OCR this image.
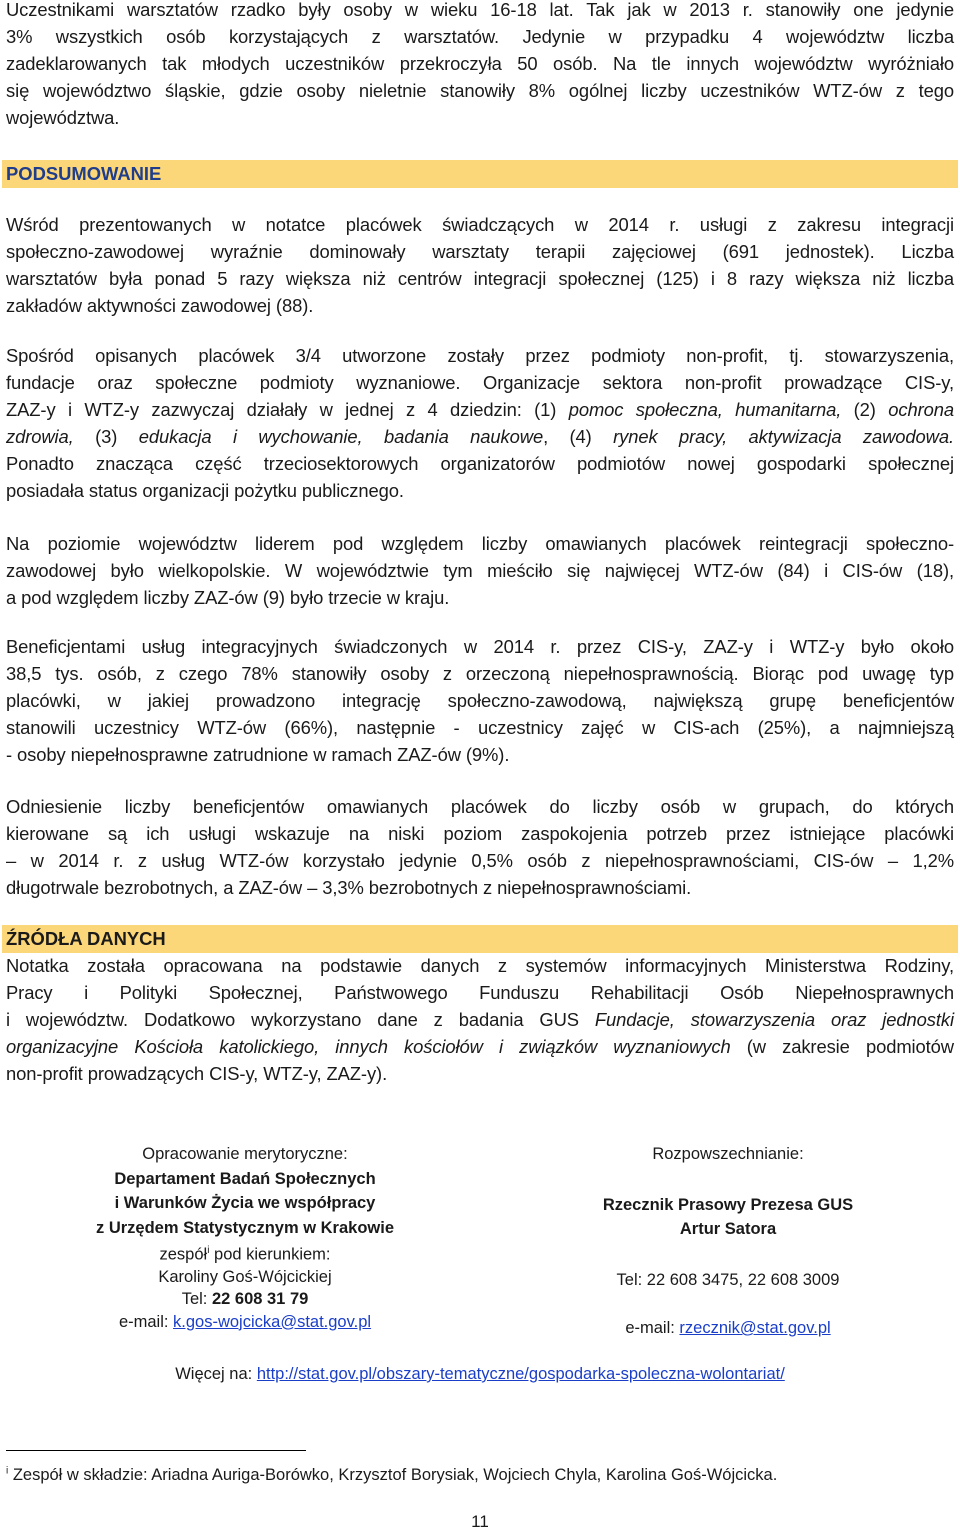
Uczestnikami warsztatów rzadko były osoby w wieku 16-18 lat. Tak jak w 2013 r. stanowiły one jedynie
3% wszystkich osób korzystających z warsztatów. Jedynie w przypadku 4 województw liczba
zadeklarowanych tak młodych uczestników przekroczyła 50 osób. Na tle innych województw wyróżniało
się województwo śląskie, gdzie osoby nieletnie stanowiły 8% ogólnej liczby uczestników WTZ-ów z tego
województwa.
PODSUMOWANIE
Wśród prezentowanych w notatce placówek świadczących w 2014 r. usługi z zakresu integracji
społeczno-zawodowej wyraźnie dominowały warsztaty terapii zajęciowej (691 jednostek). Liczba
warsztatów była ponad 5 razy większa niż centrów integracji społecznej (125) i 8 razy większa niż liczba
zakładów aktywności zawodowej (88).
Spośród opisanych placówek 3/4 utworzone zostały przez podmioty non-profit, tj. stowarzyszenia,
fundacje oraz społeczne podmioty wyznaniowe. Organizacje sektora non-profit prowadzące CIS-y,
ZAZ-y i WTZ-y zazwyczaj działały w jednej z 4 dziedzin: (1) pomoc społeczna, humanitarna, (2) ochrona
zdrowia, (3) edukacja i wychowanie, badania naukowe, (4) rynek pracy, aktywizacja zawodowa.
Ponadto znacząca część trzeciosektorowych organizatorów podmiotów nowej gospodarki społecznej
posiadała status organizacji pożytku publicznego.
Na poziomie województw liderem pod względem liczby omawianych placówek reintegracji społeczno-
zawodowej było wielkopolskie. W województwie tym mieściło się najwięcej WTZ-ów (84) i CIS-ów (18),
a pod względem liczby ZAZ-ów (9) było trzecie w kraju.
Beneficjentami usług integracyjnych świadczonych w 2014 r. przez CIS-y, ZAZ-y i WTZ-y było około
38,5 tys. osób, z czego 78% stanowiły osoby z orzeczoną niepełnosprawnością. Biorąc pod uwagę typ
placówki, w jakiej prowadzono integrację społeczno-zawodową, największą grupę beneficjentów
stanowili uczestnicy WTZ-ów (66%), następnie - uczestnicy zajęć w CIS-ach (25%), a najmniejszą
- osoby niepełnosprawne zatrudnione w ramach ZAZ-ów (9%).
Odniesienie liczby beneficjentów omawianych placówek do liczby osób w grupach, do których
kierowane są ich usługi wskazuje na niski poziom zaspokojenia potrzeb przez istniejące placówki
– w 2014 r. z usług WTZ-ów korzystało jedynie 0,5% osób z niepełnosprawnościami, CIS-ów – 1,2%
długotrwale bezrobotnych, a ZAZ-ów – 3,3% bezrobotnych z niepełnosprawnościami.
ŹRÓDŁA DANYCH
Notatka została opracowana na podstawie danych z systemów informacyjnych Ministerstwa Rodziny,
Pracy i Polityki Społecznej, Państwowego Funduszu Rehabilitacji Osób Niepełnosprawnych
i województw. Dodatkowo wykorzystano dane z badania GUS Fundacje, stowarzyszenia oraz jednostki
organizacyjne Kościoła katolickiego, innych kościołów i związków wyznaniowych (w zakresie podmiotów
non-profit prowadzących CIS-y, WTZ-y, ZAZ-y).
Opracowanie merytoryczne:
Departament Badań Społecznych
i Warunków Życia we współpracy
z Urzędem Statystycznym w Krakowie
zespół$^i$ pod kierunkiem:
Karoliny Goś-Wójcickiej
Tel: 22 608 31 79
e-mail: k.gos-wojcicka@stat.gov.pl
Rozpowszechnianie:
Rzecznik Prasowy Prezesa GUS
Artur Satora
Tel: 22 608 3475, 22 608 3009
e-mail: rzecznik@stat.gov.pl
Więcej na: http://stat.gov.pl/obszary-tematyczne/gospodarka-spoleczna-wolontariat/
$^i$ Zespół w składzie: Ariadna Auriga-Borówko, Krzysztof Borysiak, Wojciech Chyla, Karolina Goś-Wójcicka.
11
